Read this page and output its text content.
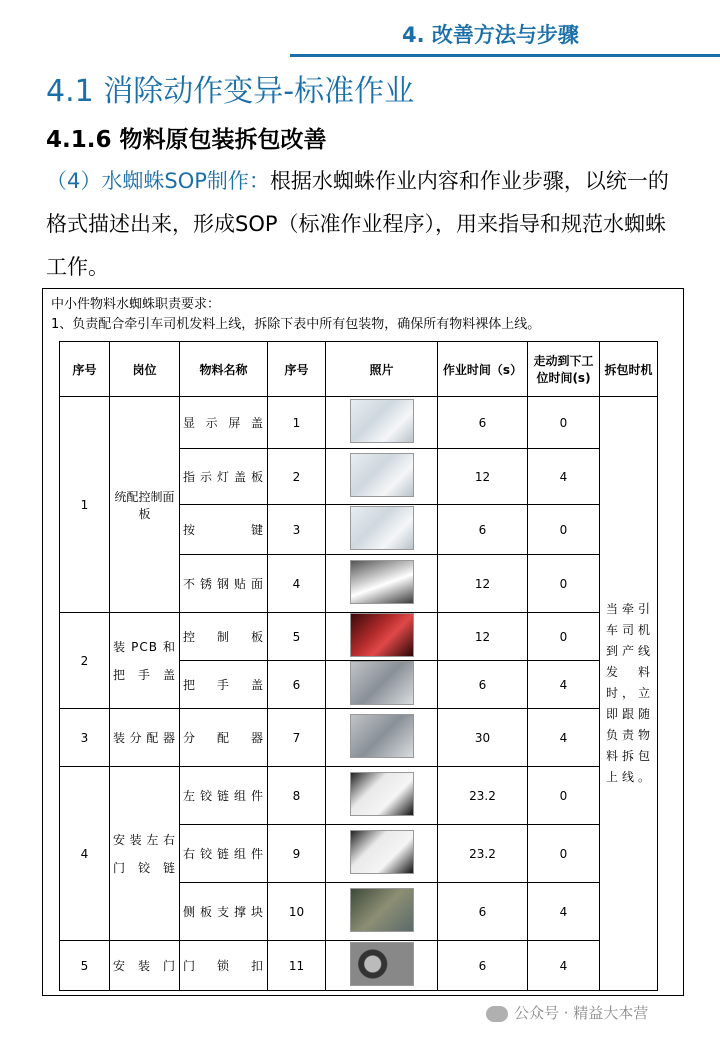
4. 改善方法与步骤
4.1 消除动作变异-标准作业
4.1.6 物料原包装拆包改善
（4）水蜘蛛SOP制作：根据水蜘蛛作业内容和作业步骤，以统一的格式描述出来，形成SOP（标准作业程序），用来指导和规范水蜘蛛工作。
中小件物料水蜘蛛职责要求：
1、负责配合牵引车司机发料上线，拆除下表中所有包装物，确保所有物料裸体上线。
序号	岗位	物料名称	序号	照片	作业时间（s）	走动到下工位时间(s)	拆包时机
1	统配控制面板	显示屏盖	1		6	0	当牵引车司机到产线发料时，立即跟随负责物料拆包上线。
		指示灯盖板	2		12	4	
		按键	3		6	0	
		不锈钢贴面	4		12	0	
2	装 PCB 和把手盖	控制板	5		12	0	
		把手盖	6		6	4	
3	装分配器	分配器	7		30	4	
4	安装左右门铰链	左铰链组件	8		23.2	0	
		右铰链组件	9		23.2	0	
		侧板支撑块	10		6	4	
5	安装门	门锁扣	11		6	4	
公众号 · 精益大本营
